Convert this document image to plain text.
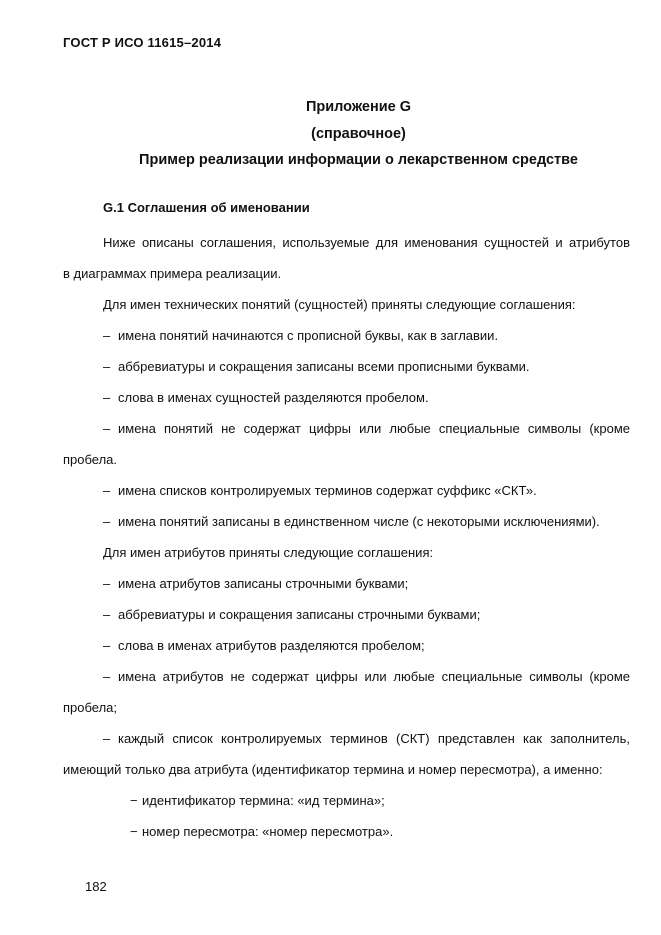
ГОСТ Р ИСО 11615–2014
Приложение G
(справочное)
Пример реализации информации о лекарственном средстве
G.1 Соглашения об именовании
Ниже описаны соглашения, используемые для именования сущностей и атрибутов
в диаграммах примера реализации.
Для имен технических понятий (сущностей) приняты следующие соглашения:
– имена понятий начинаются с прописной буквы, как в заглавии.
– аббревиатуры и сокращения записаны всеми прописными буквами.
– слова в именах сущностей разделяются пробелом.
– имена понятий не содержат цифры или любые специальные символы (кроме
пробела.
– имена списков контролируемых терминов содержат суффикс «СКТ».
– имена понятий записаны в единственном числе (с некоторыми исключениями).
Для имен атрибутов приняты следующие соглашения:
– имена атрибутов записаны строчными буквами;
– аббревиатуры и сокращения записаны строчными буквами;
– слова в именах атрибутов разделяются пробелом;
– имена атрибутов не содержат цифры или любые специальные символы (кроме
пробела;
– каждый список контролируемых терминов (СКТ) представлен как заполнитель,
имеющий только два атрибута (идентификатор термина и номер пересмотра), а именно:
− идентификатор термина: «ид термина»;
− номер пересмотра: «номер пересмотра».
182
